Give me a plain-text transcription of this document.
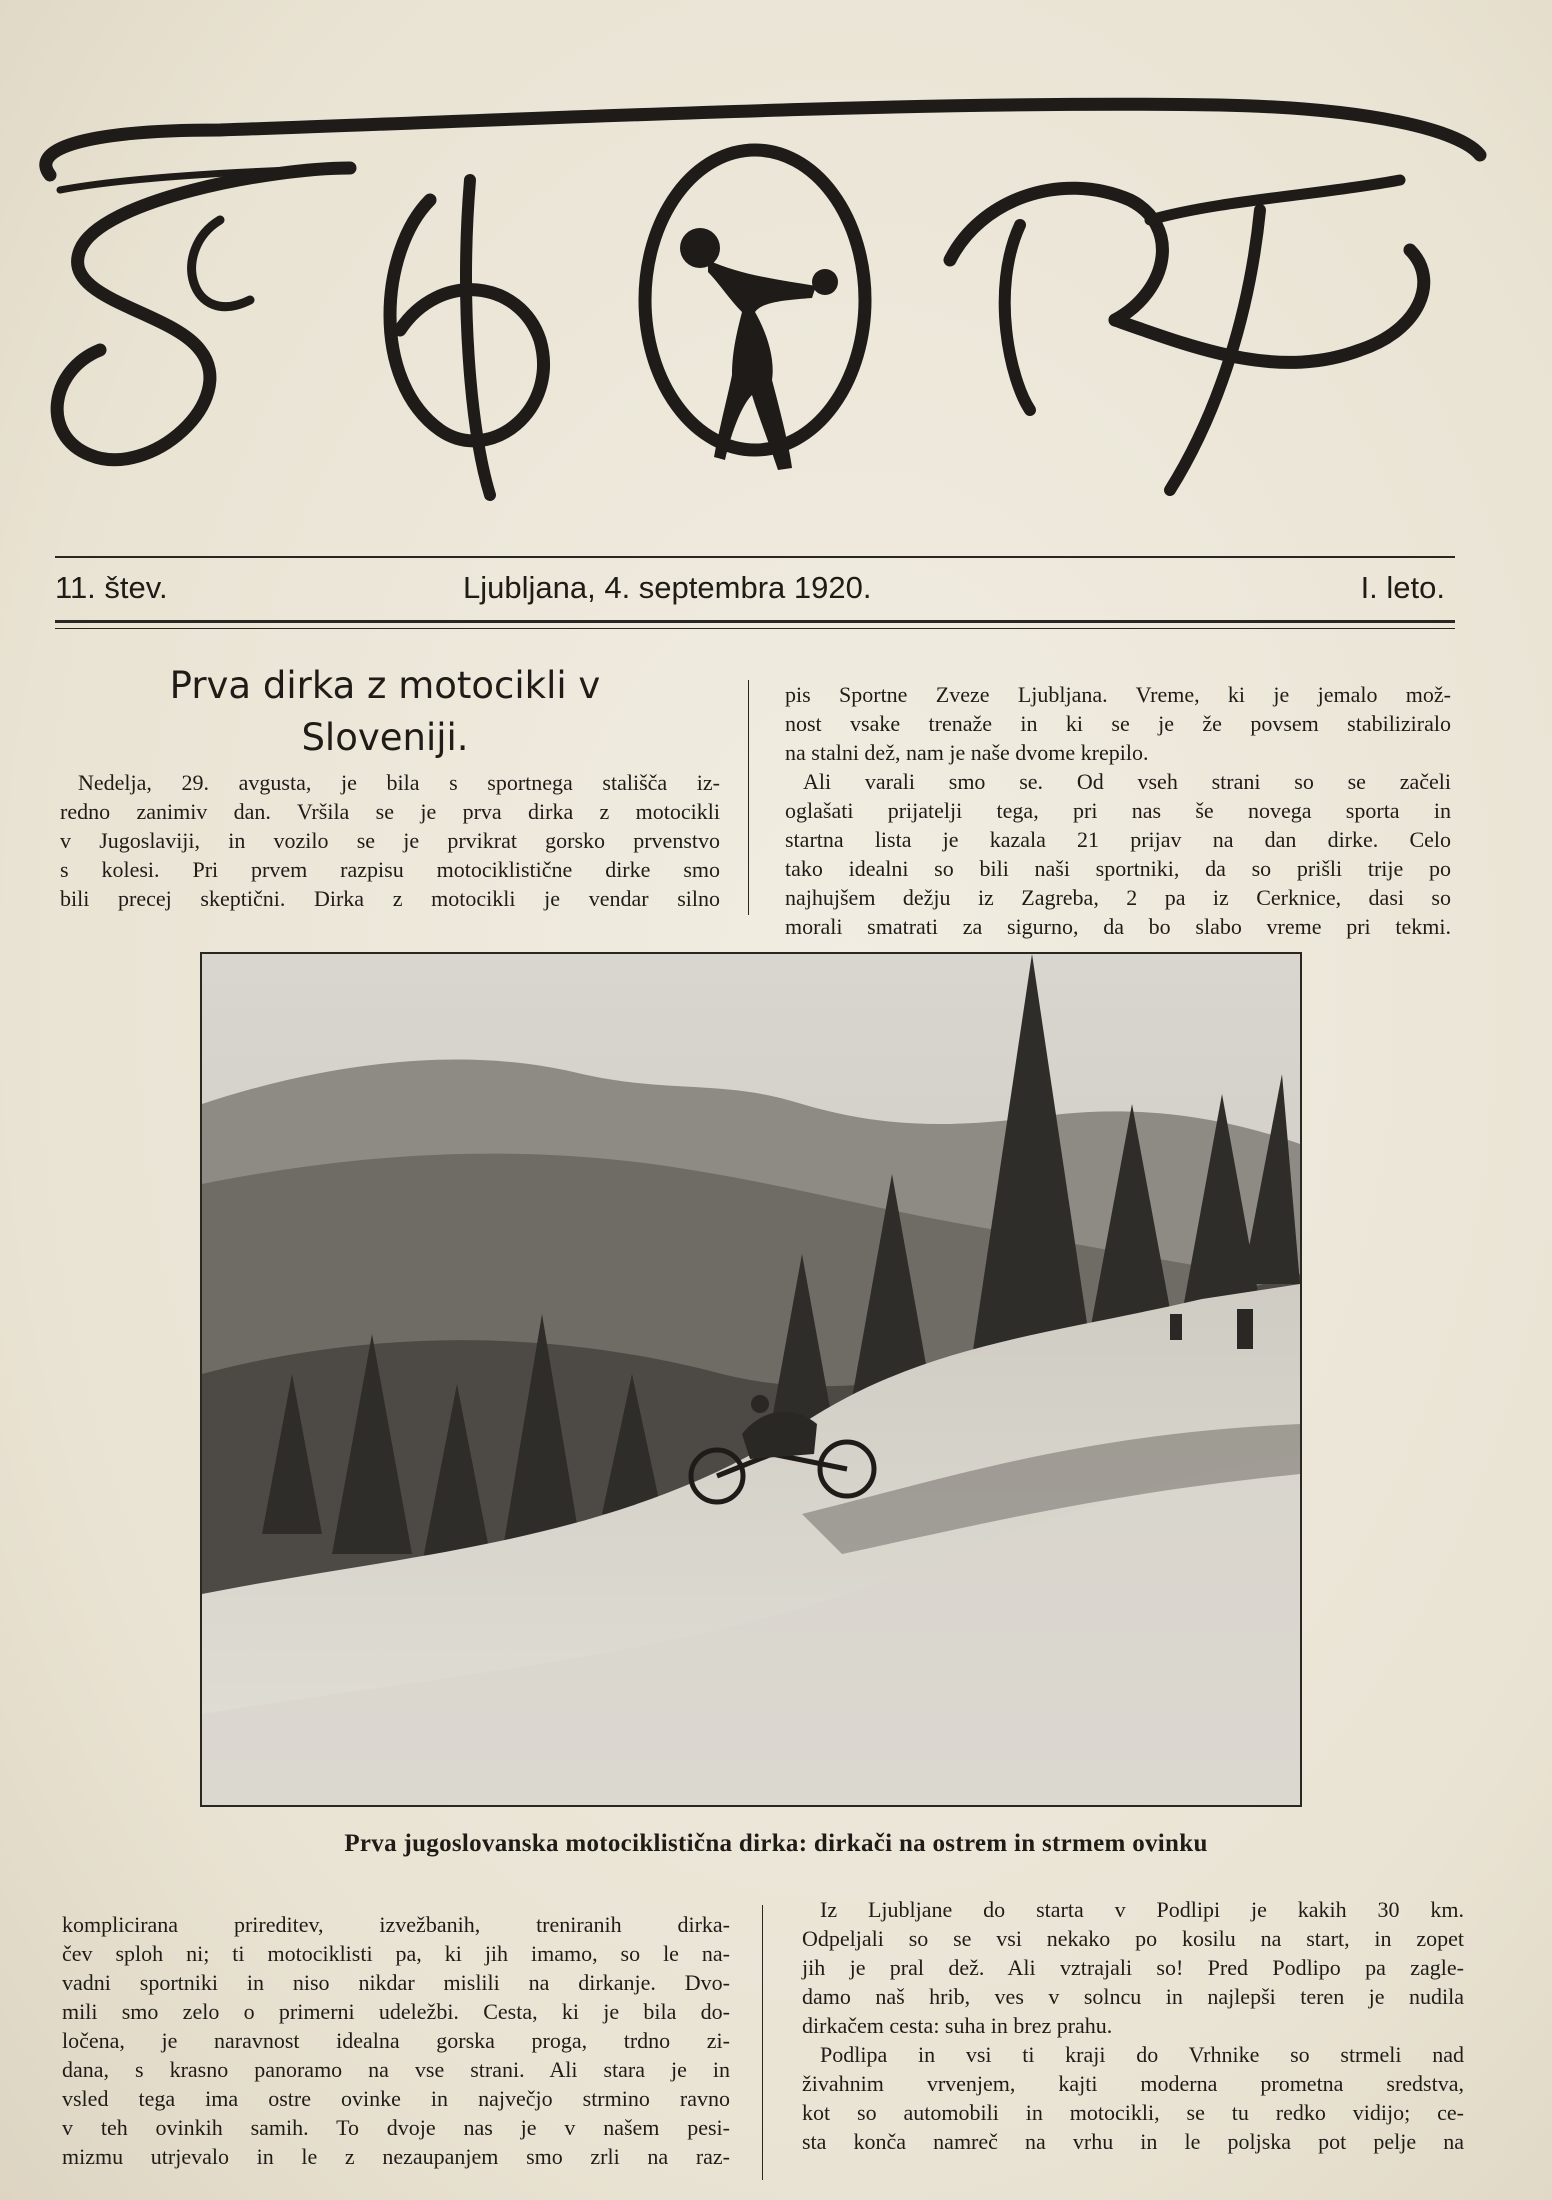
SPORT
11. štev.	Ljubljana, 4. septembra 1920.	I. leto.
Prva dirka z motocikli v
Sloveniji.
Nedelja, 29. avgusta, je bila s sportnega stališča iz-
redno zanimiv dan. Vršila se je prva dirka z motocikli
v Jugoslaviji, in vozilo se je prvikrat gorsko prvenstvo
s kolesi. Pri prvem razpisu motociklistične dirke smo
bili precej skeptični. Dirka z motocikli je vendar silno
pis Sportne Zveze Ljubljana. Vreme, ki je jemalo mož-
nost vsake trenaže in ki se je že povsem stabiliziralo
na stalni dež, nam je naše dvome krepilo.
Ali varali smo se. Od vseh strani so se začeli
oglašati prijatelji tega, pri nas še novega sporta in
startna lista je kazala 21 prijav na dan dirke. Celo
tako idealni so bili naši sportniki, da so prišli trije po
najhujšem dežju iz Zagreba, 2 pa iz Cerknice, dasi so
morali smatrati za sigurno, da bo slabo vreme pri tekmi.
Prva jugoslovanska motociklistična dirka: dirkači na ostrem in strmem ovinku
komplicirana prireditev, izvežbanih, treniranih dirka-
čev sploh ni; ti motociklisti pa, ki jih imamo, so le na-
vadni sportniki in niso nikdar mislili na dirkanje. Dvo-
mili smo zelo o primerni udeležbi. Cesta, ki je bila do-
ločena, je naravnost idealna gorska proga, trdno zi-
dana, s krasno panoramo na vse strani. Ali stara je in
vsled tega ima ostre ovinke in največjo strmino ravno
v teh ovinkih samih. To dvoje nas je v našem pesi-
mizmu utrjevalo in le z nezaupanjem smo zrli na raz-
Iz Ljubljane do starta v Podlipi je kakih 30 km.
Odpeljali so se vsi nekako po kosilu na start, in zopet
jih je pral dež. Ali vztrajali so! Pred Podlipo pa zagle-
damo naš hrib, ves v solncu in najlepši teren je nudila
dirkačem cesta: suha in brez prahu.
Podlipa in vsi ti kraji do Vrhnike so strmeli nad
živahnim vrvenjem, kajti moderna prometna sredstva,
kot so automobili in motocikli, se tu redko vidijo; ce-
sta konča namreč na vrhu in le poljska pot pelje na
